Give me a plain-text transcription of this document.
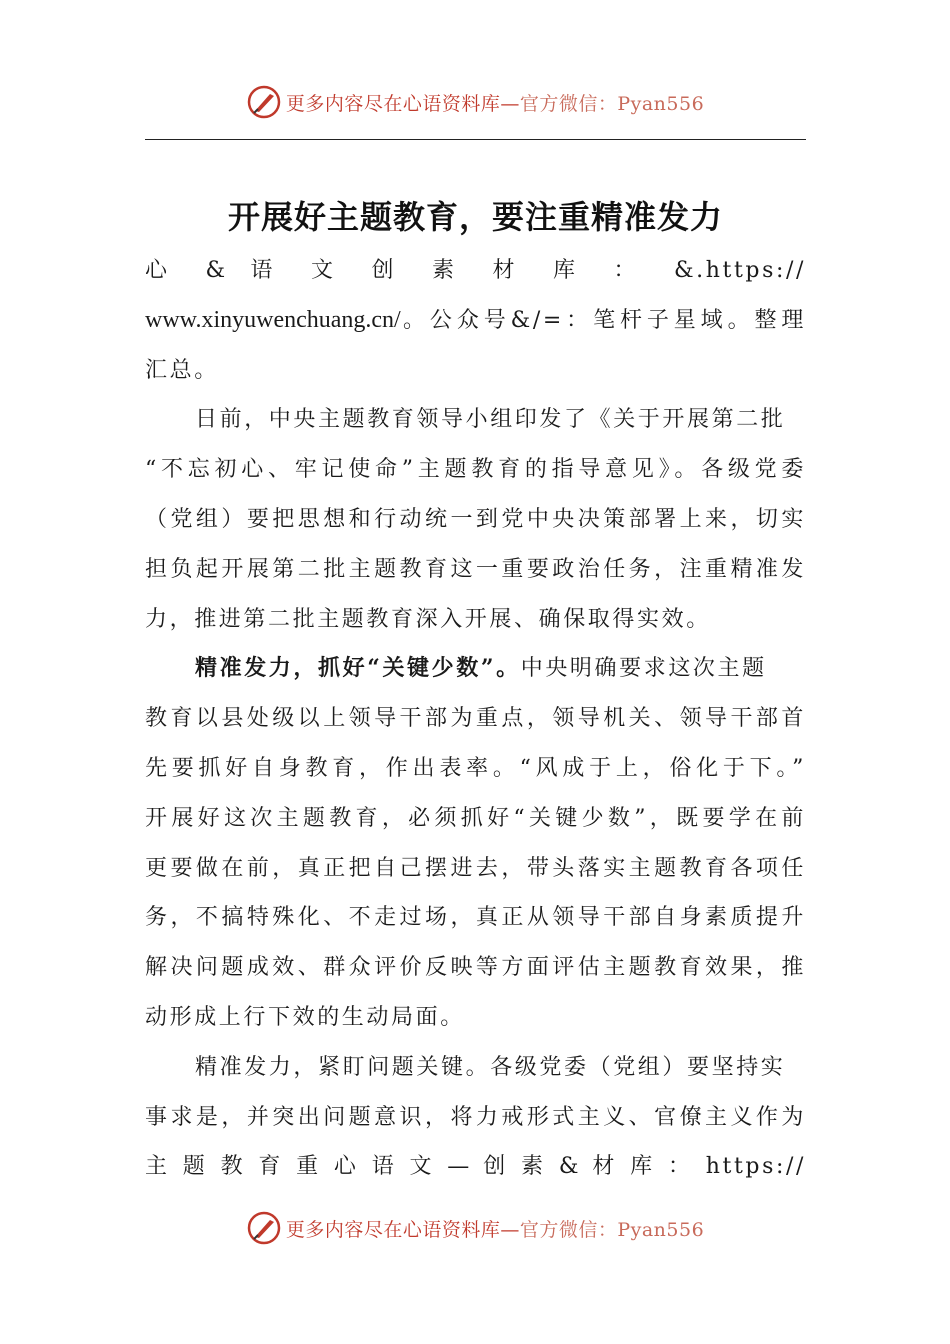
更多内容尽在心语资料库—官方微信：Pyan556
开展好主题教育，要注重精准发力
心 & 语 文 创 素 材 库 ： &.https://
www.xinyuwenchuang.cn/。公众号&/=：笔杆子星域。整理
汇总。
日前，中央主题教育领导小组印发了《关于开展第二批
“不忘初心、牢记使命”主题教育的指导意见》。各级党委
（党组）要把思想和行动统一到党中央决策部署上来，切实
担负起开展第二批主题教育这一重要政治任务，注重精准发
力，推进第二批主题教育深入开展、确保取得实效。
精准发力，抓好“关键少数”。中央明确要求这次主题
教育以县处级以上领导干部为重点，领导机关、领导干部首
先要抓好自身教育，作出表率。“风成于上，俗化于下。”
开展好这次主题教育，必须抓好“关键少数”，既要学在前
更要做在前，真正把自己摆进去，带头落实主题教育各项任
务，不搞特殊化、不走过场，真正从领导干部自身素质提升
解决问题成效、群众评价反映等方面评估主题教育效果，推
动形成上行下效的生动局面。
精准发力，紧盯问题关键。各级党委（党组）要坚持实
事求是，并突出问题意识，将力戒形式主义、官僚主义作为
主 题 教 育 重 心 语 文 — 创 素 & 材 库 ： https://
更多内容尽在心语资料库—官方微信：Pyan556
